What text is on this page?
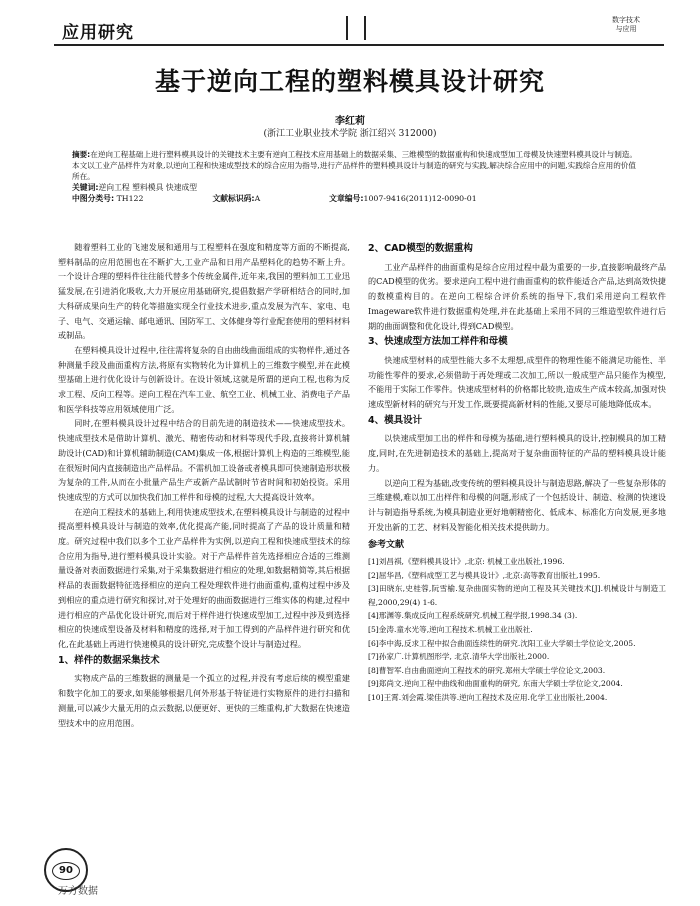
应用研究
数字技术
与应用
基于逆向工程的塑料模具设计研究
李红莉
(浙江工业职业技术学院 浙江绍兴 312000)
摘要:在逆向工程基础上进行塑料模具设计的关键技术主要有逆向工程技术应用基础上的数据采集、三维模型的数据重构和快速成型加工母模及快速塑料模具设计与制造。本文以工业产品样件为对象,以逆向工程和快速成型技术的综合应用为指导,进行产品样件的塑料模具设计与制造的研究与实践,解决综合应用中的问题,实践综合应用的价值所在。
关键词:逆向工程 塑料模具 快速成型
中图分类号: TH122	文献标识码:A	文章编号:1007-9416(2011)12-0090-01

随着塑料工业的飞速发展和通用与工程塑料在强度和精度等方面的不断提高,塑料制品的应用范围也在不断扩大,工业产品和日用产品塑料化的趋势不断上升。一个设计合理的塑料件往往能代替多个传统金属件,近年来,我国的塑料加工工业迅猛发展,在引进消化吸收,大力开展应用基础研究,提倡数据产学研相结合的同时,加大科研成果向生产的转化等措施实现全行业技术进步,重点发展为汽车、家电、电子、电气、交通运输、邮电通讯、国防军工、文体健身等行业配套使用的塑料材料或制品。

在塑料模具设计过程中,往往需将复杂的自由曲线曲面组成的实物样件,通过各种测量手段及曲面重构方法,将原有实物转化为计算机上的三维数字模型,并在此模型基础上进行优化设计与创新设计。在设计领域,这就是所谓的逆向工程,也称为反求工程、反向工程等。逆向工程在汽车工业、航空工业、机械工业、消费电子产品和医学科技等应用领域使用广泛。

同时,在塑料模具设计过程中结合的目前先进的制造技术——快速成型技术。快速成型技术是借助计算机、激光、精密传动和材料等现代手段,直接将计算机辅助设计(CAD)和计算机辅助制造(CAM)集成一体,根据计算机上构造的三维模型,能在很短时间内直接制造出产品样品。不需机加工设备或者模具即可快速制造形状极为复杂的工件,从而在小批量产品生产或新产品试制时节省时间和初始投资。采用快速成型的方式可以加快我们加工样件和母模的过程,大大提高设计效率。

在逆向工程技术的基础上,利用快速成型技术,在塑料模具设计与制造的过程中提高塑料模具设计与制造的效率,优化提高产能,同时提高了产品的设计质量和精度。研究过程中我们以多个工业产品样件为实例,以逆向工程和快速成型技术的综合应用为指导,进行塑料模具设计实验。对于产品样件首先选择相应合适的三维测量设备对表面数据进行采集,对于采集数据进行相应的处理,如数据精简等,其后根据样品的表面数据特征选择相应的逆向工程处理软件进行曲面重构,重构过程中涉及到相应的重点进行研究和探讨,对于处理好的曲面数据进行三维实体的构建,过程中进行相应的产品优化设计研究,而后对于样件进行快速成型加工,过程中涉及到选择相应的快速成型设备及材料和精度的选择,对于加工得到的产品样件进行研究和优化,在此基础上再进行快速模具的设计研究,完成整个设计与制造过程。

1、样件的数据采集技术

实物成产品的三维数据的测量是一个孤立的过程,并没有考虑后续的模型重建和数字化加工的要求,如果能够根据几何外形基于特征进行实物原件的进行扫描和测量,可以减少大量无用的点云数据,以便更好、更快的三维重构,扩大数据在快速造型技术中的应用范围。

2、CAD模型的数据重构

工业产品样件的曲面重构是综合应用过程中最为重要的一步,直接影响最终产品的CAD模型的优劣。要求逆向工程中进行曲面重构的软件能适合产品,达到高效快捷的数模重构目的。在逆向工程综合评价系统的指导下,我们采用逆向工程软件Imageware软件进行数据重构处理,并在此基础上采用不同的三维造型软件进行后期的曲面调整和优化设计,得到CAD模型。

3、快速成型方法加工样件和母模

快速成型材料的成型性能大多不太理想,成型件的物理性能不能满足功能性、半功能性零件的要求,必须借助于再处理或二次加工,所以一般成型产品只能作为模型,不能用于实际工作零件。快速成型材料的价格都比较贵,造成生产成本较高,加强对快速成型新材料的研究与开发工作,既要提高新材料的性能,又要尽可能地降低成本。

4、模具设计

以快速成型加工出的样件和母模为基础,进行塑料模具的设计,控制模具的加工精度,同时,在先进制造技术的基础上,提高对于复杂曲面特征的产品的塑料模具设计能力。

以逆向工程为基础,改变传统的塑料模具设计与制造思路,解决了一些复杂形体的三维建模,难以加工出样件和母模的问题,形成了一个包括设计、制造、检测的快速设计与制造指导系统,为模具制造业更好地朝精密化、低成本、标准化方向发展,更多地开发出新的工艺、材料及智能化相关技术提供助力。

参考文献
[1]刘昌祺,《塑料模具设计》,北京: 机械工业出版社,1996.
[2]屈华昌,《塑料成型工艺与模具设计》,北京:高等教育出版社,1995.
[3]田晓东,史桂蓉,阮雪榆.复杂曲面实物的逆向工程及其关键技术[J].机械设计与制造工程,2000,29(4) 1-6.
[4]邢渊等.集成反向工程系统研究.机械工程学报,1998.34 (3).
[5]金涛.童水光等,逆向工程技术.机械工业出版社.
[6]李中海,反求工程中拟合曲面连续性的研究.沈阳工业大学硕士学位论文,2005.
[7]孙家广.计算机图形学, 北京.清华大学出版社,2000.
[8]曹智军.自由曲面逆向工程技术的研究.郑州大学硕士学位论文,2003.
[9]郑尚文.逆向工程中曲线和曲面重构的研究, 东南大学硕士学位论文,2004.
[10]王霄.刘会霞.梁佳洪等.逆向工程技术及应用.化学工业出版社,2004.
90
万方数据
